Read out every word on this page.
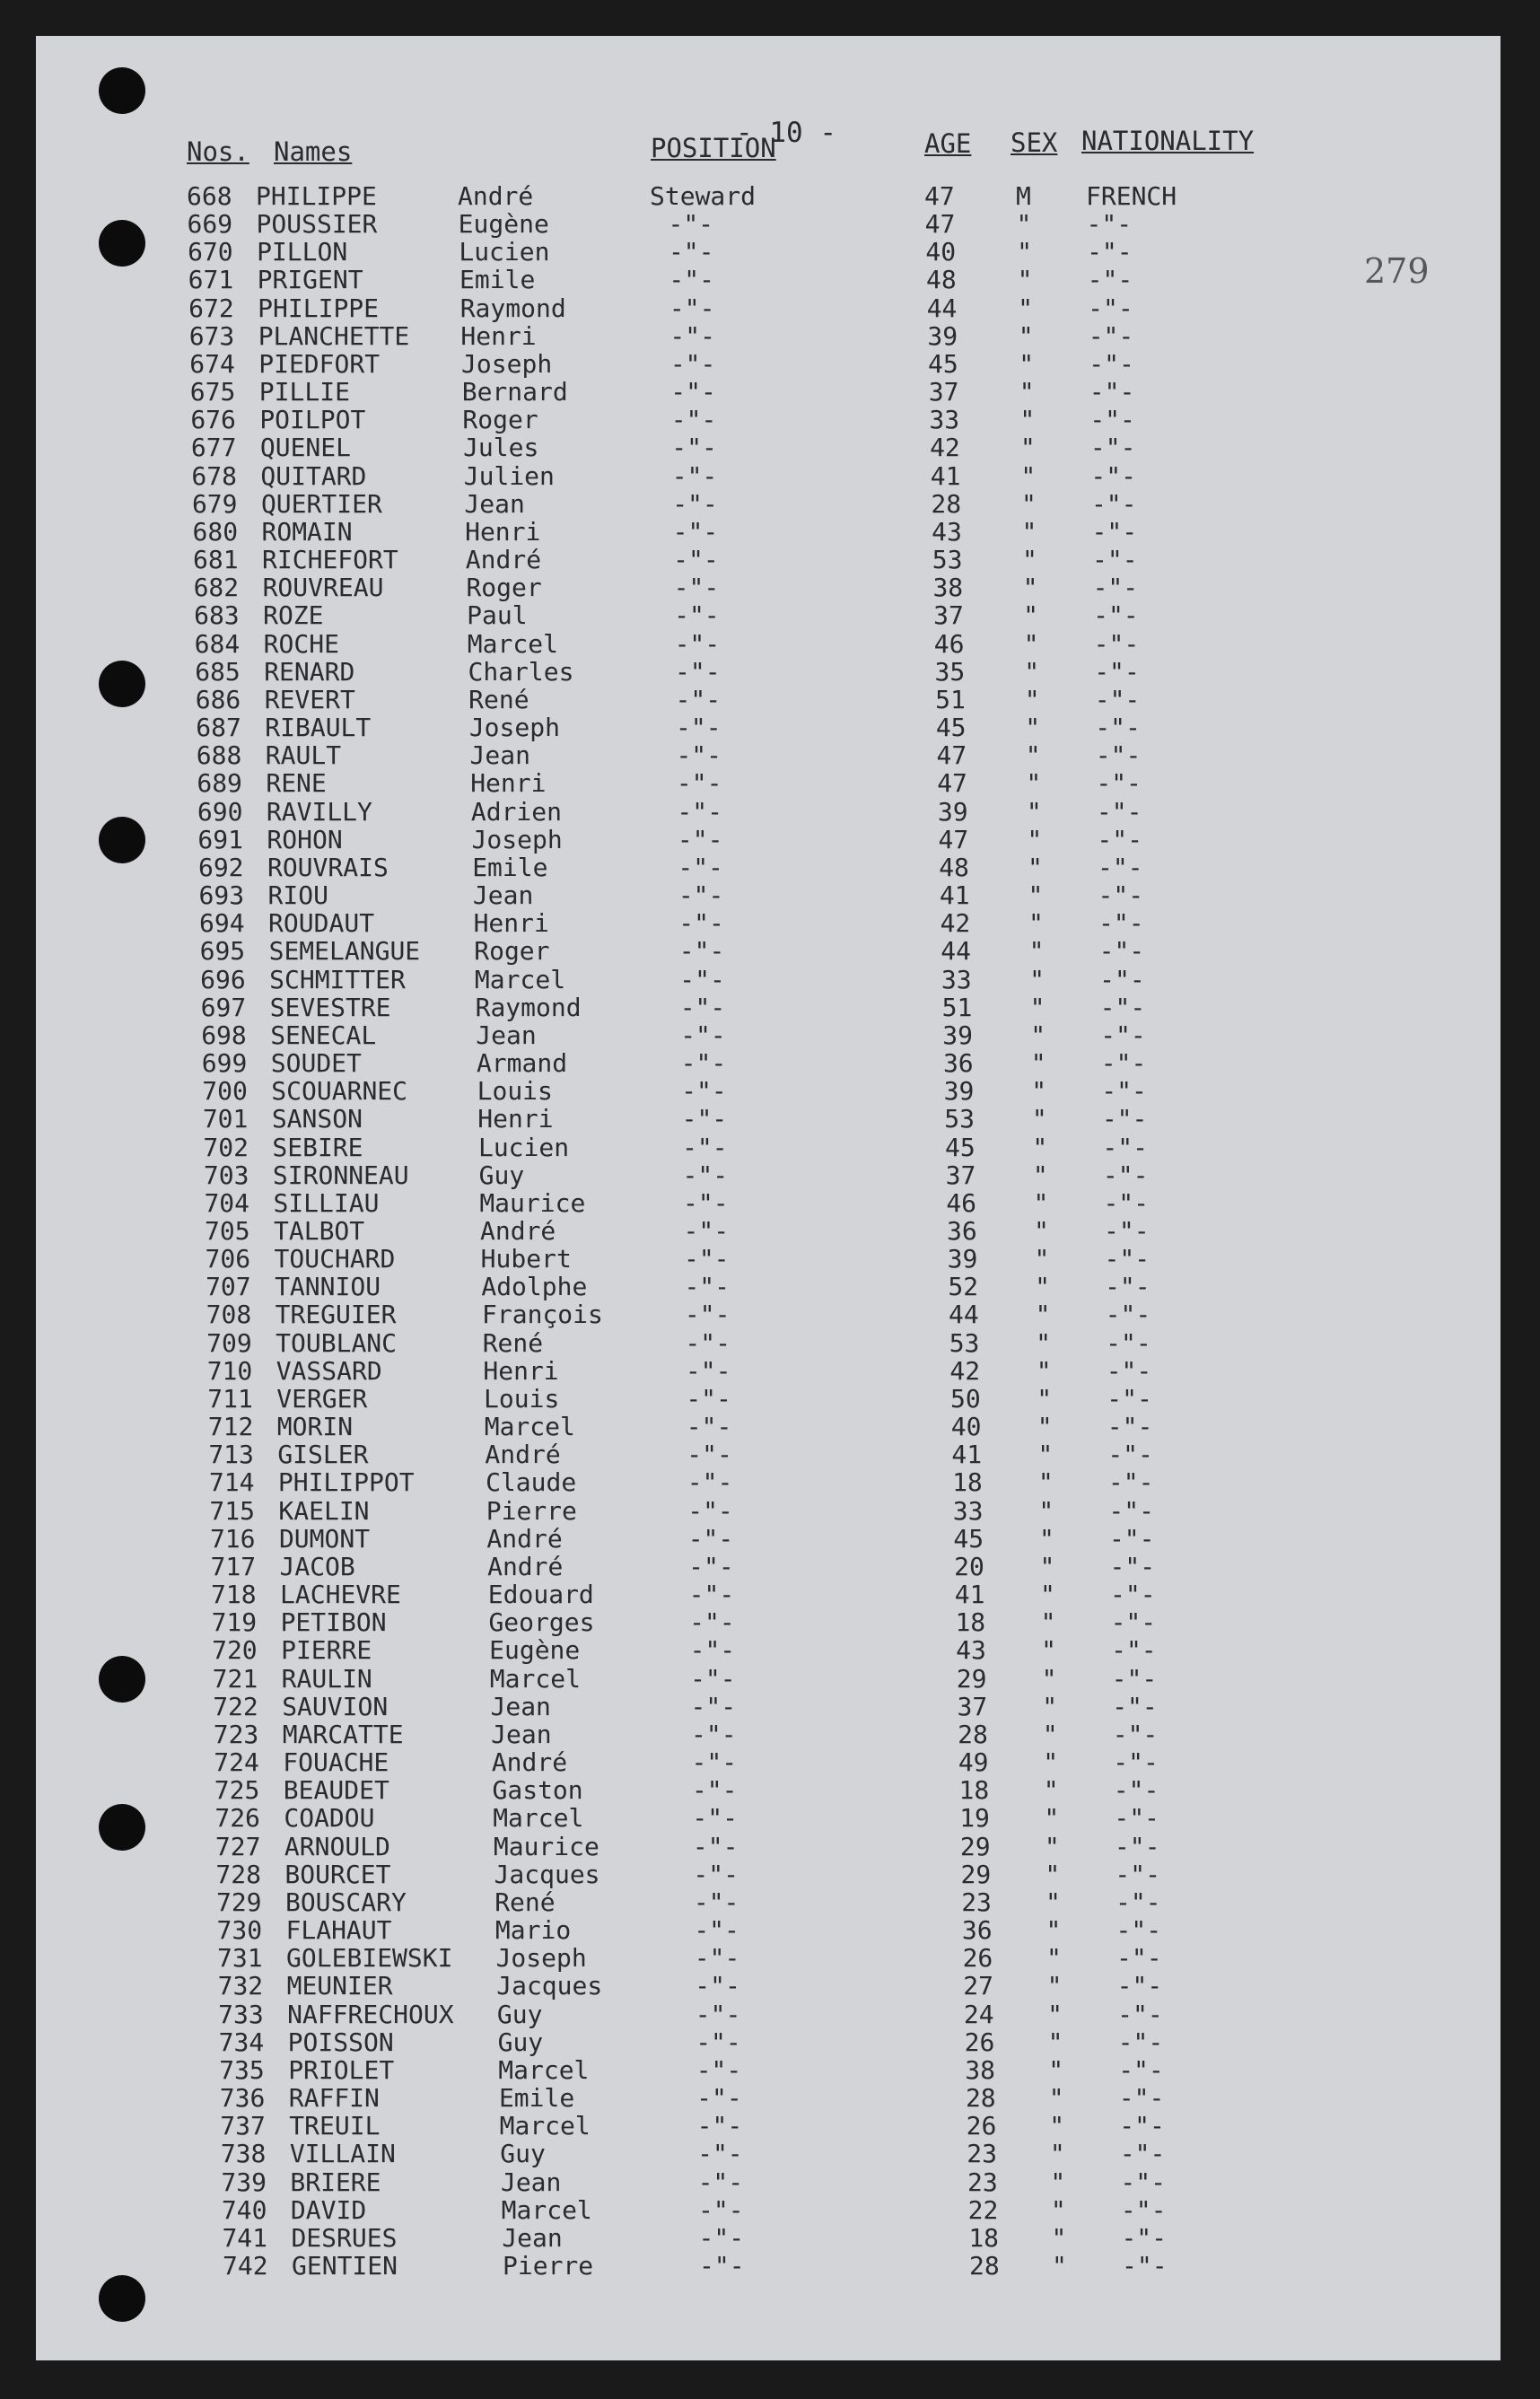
- 10 -
279
Nos. Names	POSITION	AGE SEX NATIONALITY
668 PHILIPPE	André	Steward	47 M FRENCH
669 POUSSIER	Eugène	-"-	47 " -"-
670 PILLON	Lucien	-"-	40 " -"-
671 PRIGENT	Emile	-"-	48 " -"-
672 PHILIPPE	Raymond	-"-	44 " -"-
673 PLANCHETTE Henri	-"-	39 " -"-
674 PIEDFORT	Joseph	-"-	45 " -"-
675 PILLIE	Bernard	-"-	37 " -"-
676 POILPOT	Roger	-"-	33 " -"-
677 QUENEL	Jules	-"-	42 " -"-
678 QUITARD	Julien	-"-	41 " -"-
679 QUERTIER	Jean	-"-	28 " -"-
680 ROMAIN	Henri	-"-	43 " -"-
681 RICHEFORT	André	-"-	53 " -"-
682 ROUVREAU	Roger	-"-	38 " -"-
683 ROZE	Paul	-"-	37 " -"-
684 ROCHE	Marcel	-"-	46 " -"-
685 RENARD	Charles	-"-	35 " -"-
686 REVERT	René	-"-	51 " -"-
687 RIBAULT	Joseph	-"-	45 " -"-
688 RAULT	Jean	-"-	47 " -"-
689 RENE	Henri	-"-	47 " -"-
690 RAVILLY	Adrien	-"-	39 " -"-
691 ROHON	Joseph	-"-	47 " -"-
692 ROUVRAIS	Emile	-"-	48 " -"-
693 RIOU	Jean	-"-	41 " -"-
694 ROUDAUT	Henri	-"-	42 " -"-
695 SEMELANGUE Roger	-"-	44 " -"-
696 SCHMITTER	Marcel	-"-	33 " -"-
697 SEVESTRE	Raymond	-"-	51 " -"-
698 SENECAL	Jean	-"-	39 " -"-
699 SOUDET	Armand	-"-	36 " -"-
700 SCOUARNEC	Louis	-"-	39 " -"-
701 SANSON	Henri	-"-	53 " -"-
702 SEBIRE	Lucien	-"-	45 " -"-
703 SIRONNEAU	Guy	-"-	37 " -"-
704 SILLIAU	Maurice	-"-	46 " -"-
705 TALBOT	André	-"-	36 " -"-
706 TOUCHARD	Hubert	-"-	39 " -"-
707 TANNIOU	Adolphe	-"-	52 " -"-
708 TREGUIER	François	-"-	44 " -"-
709 TOUBLANC	René	-"-	53 " -"-
710 VASSARD	Henri	-"-	42 " -"-
711 VERGER	Louis	-"-	50 " -"-
712 MORIN	Marcel	-"-	40 " -"-
713 GISLER	André	-"-	41 " -"-
714 PHILIPPOT	Claude	-"-	18 " -"-
715 KAELIN	Pierre	-"-	33 " -"-
716 DUMONT	André	-"-	45 " -"-
717 JACOB	André	-"-	20 " -"-
718 LACHEVRE	Edouard	-"-	41 " -"-
719 PETIBON	Georges	-"-	18 " -"-
720 PIERRE	Eugène	-"-	43 " -"-
721 RAULIN	Marcel	-"-	29 " -"-
722 SAUVION	Jean	-"-	37 " -"-
723 MARCATTE	Jean	-"-	28 " -"-
724 FOUACHE	André	-"-	49 " -"-
725 BEAUDET	Gaston	-"-	18 " -"-
726 COADOU	Marcel	-"-	19 " -"-
727 ARNOULD	Maurice	-"-	29 " -"-
728 BOURCET	Jacques	-"-	29 " -"-
729 BOUSCARY	René	-"-	23 " -"-
730 FLAHAUT	Mario	-"-	36 " -"-
731 GOLEBIEWSKI Joseph	-"-	26 " -"-
732 MEUNIER	Jacques	-"-	27 " -"-
733 NAFFRECHOUX Guy	-"-	24 " -"-
734 POISSON	Guy	-"-	26 " -"-
735 PRIOLET	Marcel	-"-	38 " -"-
736 RAFFIN	Emile	-"-	28 " -"-
737 TREUIL	Marcel	-"-	26 " -"-
738 VILLAIN	Guy	-"-	23 " -"-
739 BRIERE	Jean	-"-	23 " -"-
740 DAVID	Marcel	-"-	22 " -"-
741 DESRUES	Jean	-"-	18 " -"-
742 GENTIEN	Pierre	-"-	28 " -"-
